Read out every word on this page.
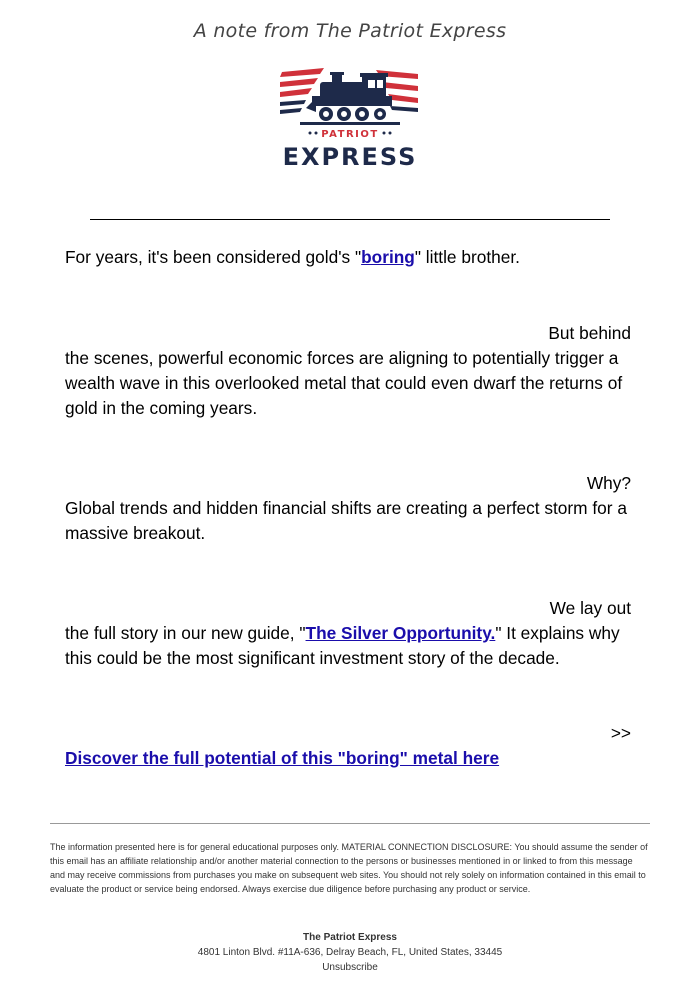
A note from The Patriot Express
PATRIOT
EXPRESS
For years, it's been considered gold's "boring" little brother.
But behind
the scenes, powerful economic forces are aligning to potentially trigger a wealth wave in this overlooked metal that could even dwarf the returns of gold in the coming years.
Why?
Global trends and hidden financial shifts are creating a perfect storm for a massive breakout.
We lay out
the full story in our new guide, "The Silver Opportunity." It explains why this could be the most significant investment story of the decade.
>>
Discover the full potential of this "boring" metal here
The information presented here is for general educational purposes only. MATERIAL CONNECTION DISCLOSURE: You should assume the sender of this email has an affiliate relationship and/or another material connection to the persons or businesses mentioned in or linked to from this message and may receive commissions from purchases you make on subsequent web sites. You should not rely solely on information contained in this email to evaluate the product or service being endorsed. Always exercise due diligence before purchasing any product or service.
The Patriot Express
4801 Linton Blvd. #11A-636, Delray Beach, FL, United States, 33445
Unsubscribe
